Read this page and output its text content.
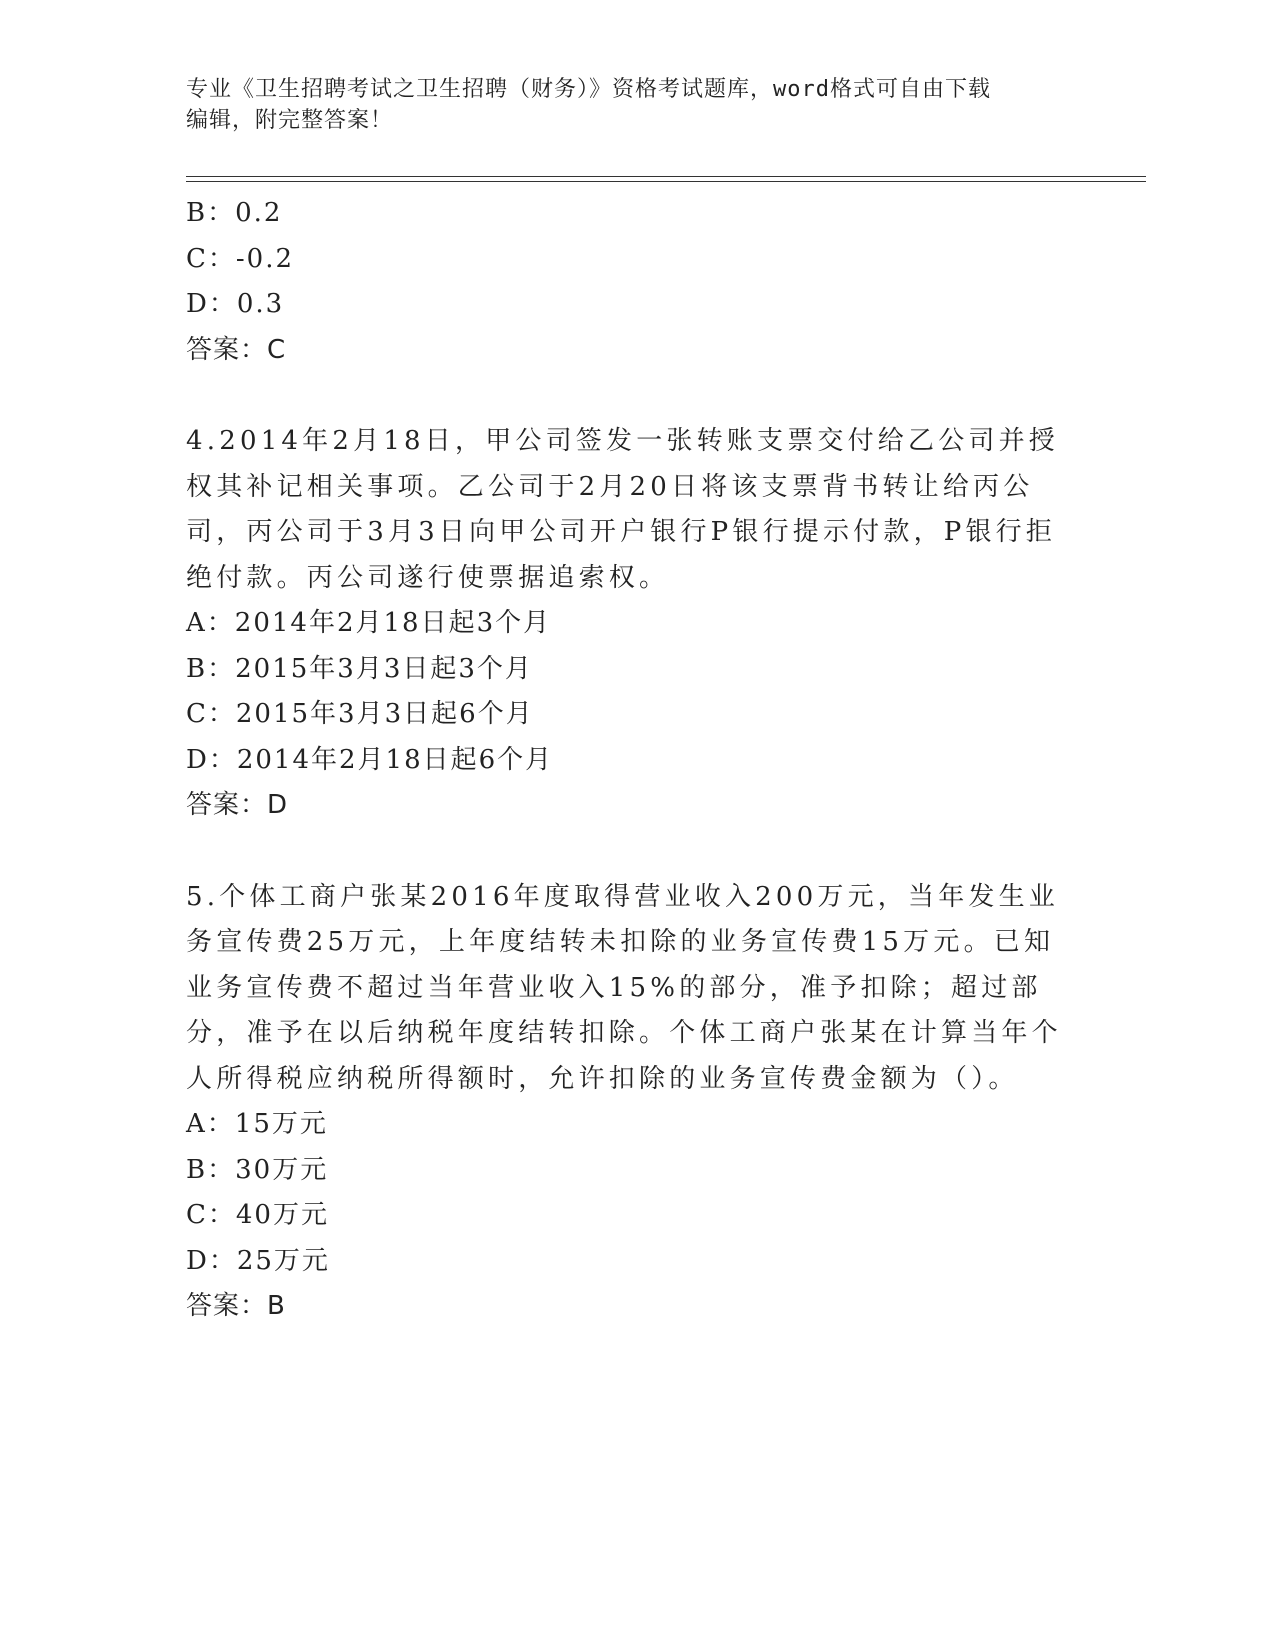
专业《卫生招聘考试之卫生招聘（财务）》资格考试题库，word格式可自由下载
编辑，附完整答案！
B：0.2
C：-0.2
D：0.3
答案：C
4.2014年2月18日，甲公司签发一张转账支票交付给乙公司并授权其补记相关事项。乙公司于2月20日将该支票背书转让给丙公司，丙公司于3月3日向甲公司开户银行P银行提示付款，P银行拒绝付款。丙公司遂行使票据追索权。
A：2014年2月18日起3个月
B：2015年3月3日起3个月
C：2015年3月3日起6个月
D：2014年2月18日起6个月
答案：D
5.个体工商户张某2016年度取得营业收入200万元，当年发生业务宣传费25万元，上年度结转未扣除的业务宣传费15万元。已知业务宣传费不超过当年营业收入15%的部分，准予扣除；超过部分，准予在以后纳税年度结转扣除。个体工商户张某在计算当年个人所得税应纳税所得额时，允许扣除的业务宣传费金额为（）。
A：15万元
B：30万元
C：40万元
D：25万元
答案：B
